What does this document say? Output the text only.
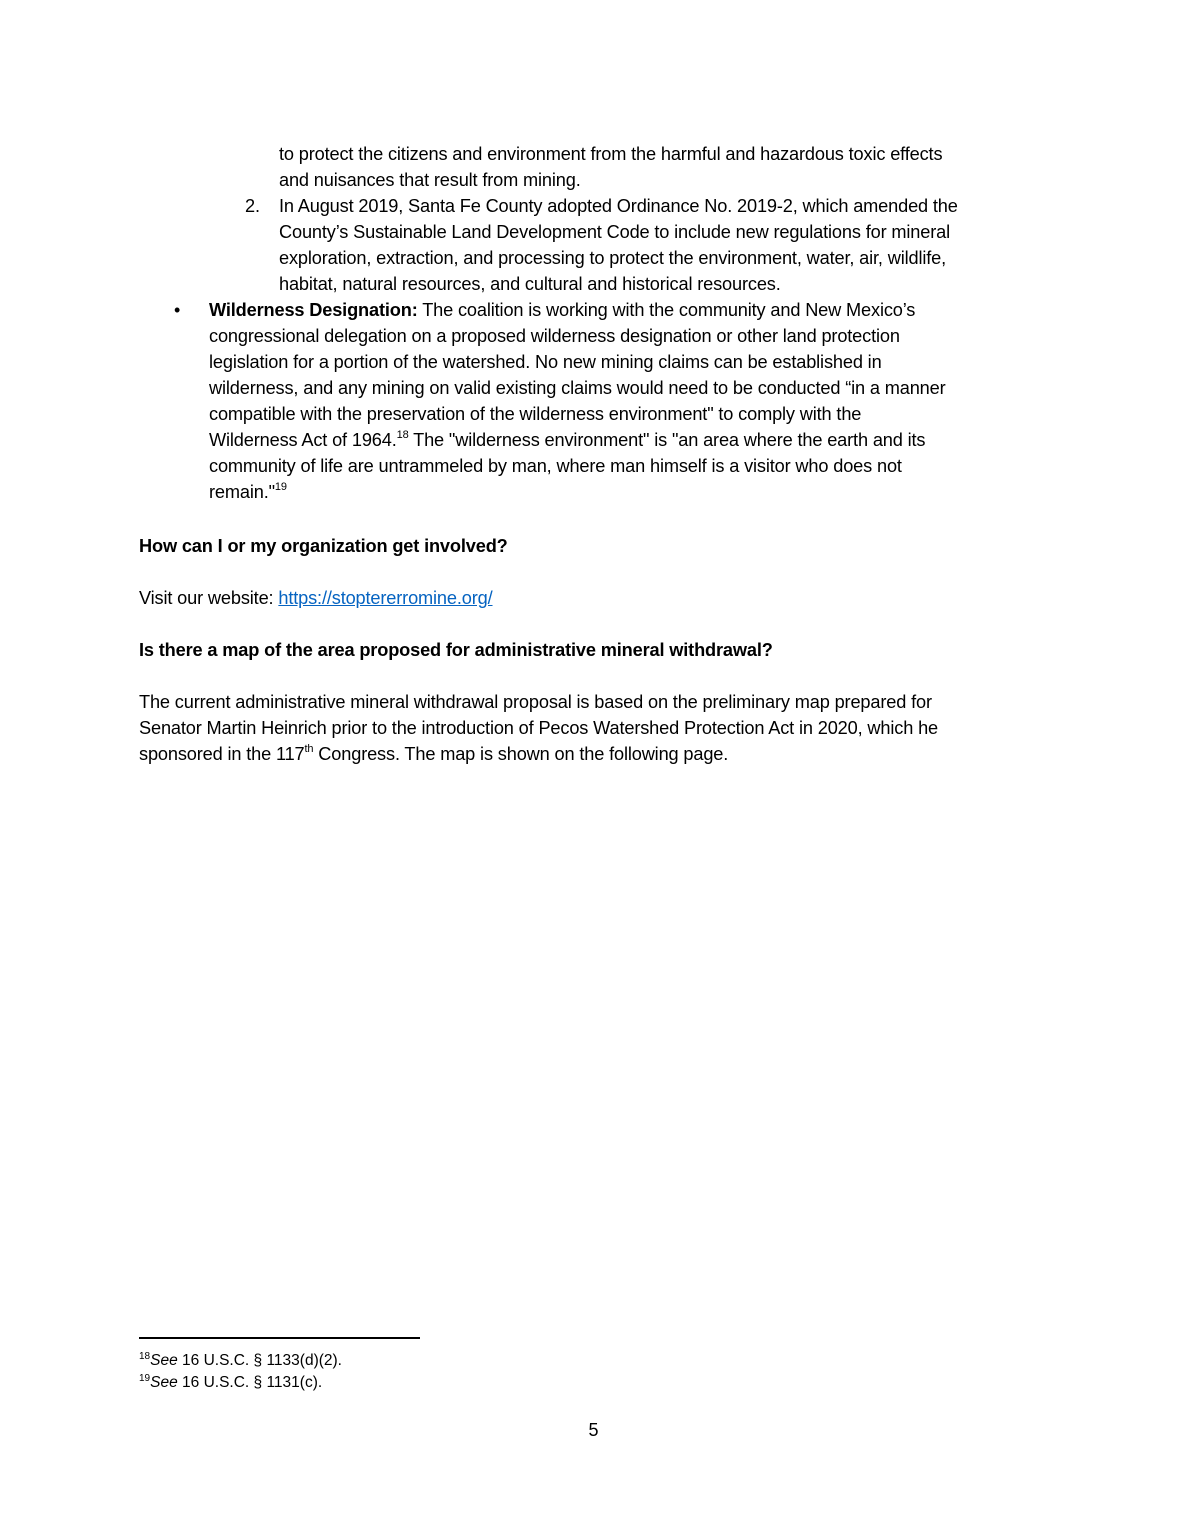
to protect the citizens and environment from the harmful and hazardous toxic effects
and nuisances that result from mining.
2. In August 2019, Santa Fe County adopted Ordinance No. 2019-2, which amended the
County’s Sustainable Land Development Code to include new regulations for mineral
exploration, extraction, and processing to protect the environment, water, air, wildlife,
habitat, natural resources, and cultural and historical resources.
• Wilderness Designation: The coalition is working with the community and New Mexico’s
congressional delegation on a proposed wilderness designation or other land protection
legislation for a portion of the watershed. No new mining claims can be established in
wilderness, and any mining on valid existing claims would need to be conducted “in a manner
compatible with the preservation of the wilderness environment" to comply with the
Wilderness Act of 1964.18 The "wilderness environment" is "an area where the earth and its
community of life are untrammeled by man, where man himself is a visitor who does not
remain."$^{19}$
How can I or my organization get involved?
Visit our website: https://stoptererromine.org/
Is there a map of the area proposed for administrative mineral withdrawal?
The current administrative mineral withdrawal proposal is based on the preliminary map prepared for
Senator Martin Heinrich prior to the introduction of Pecos Watershed Protection Act in 2020, which he
sponsored in the 117th Congress. The map is shown on the following page.
$^{18}$See 16 U.S.C. § 1133(d)(2).
$^{19}$See 16 U.S.C. § 1131(c).
5
